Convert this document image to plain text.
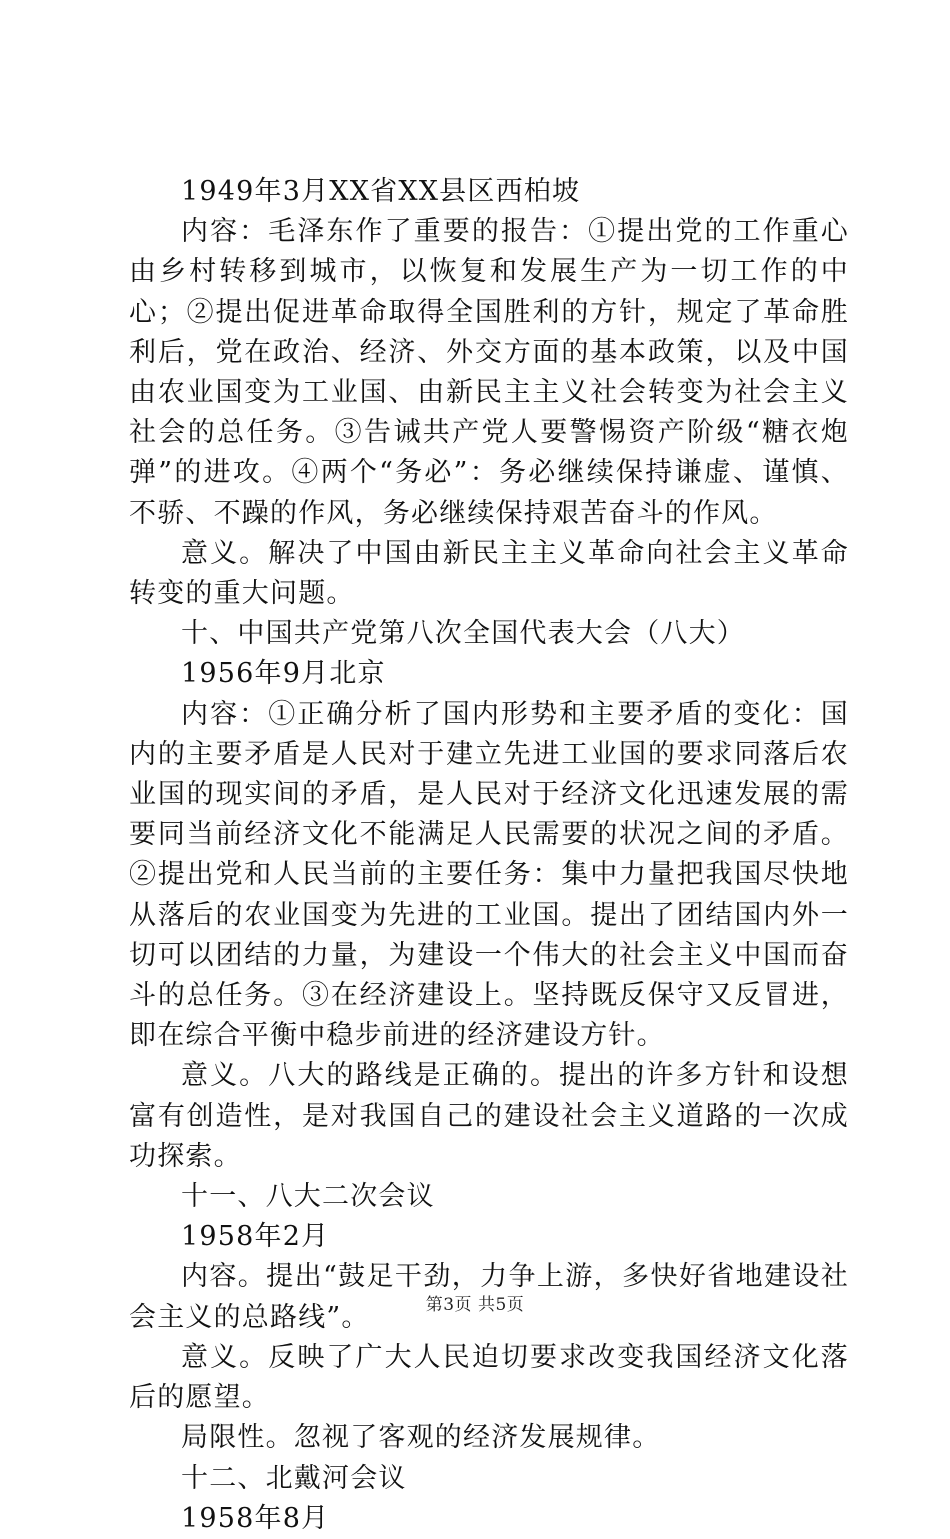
1949年3月XX省XX县区西柏坡

内容：毛泽东作了重要的报告：①提出党的工作重心由乡村转移到城市，以恢复和发展生产为一切工作的中心；②提出促进革命取得全国胜利的方针，规定了革命胜利后，党在政治、经济、外交方面的基本政策，以及中国由农业国变为工业国、由新民主主义社会转变为社会主义社会的总任务。③告诫共产党人要警惕资产阶级“糖衣炮弹”的进攻。④两个“务必”：务必继续保持谦虚、谨慎、不骄、不躁的作风，务必继续保持艰苦奋斗的作风。

意义。解决了中国由新民主主义革命向社会主义革命转变的重大问题。

十、中国共产党第八次全国代表大会（八大）

1956年9月北京

内容：①正确分析了国内形势和主要矛盾的变化：国内的主要矛盾是人民对于建立先进工业国的要求同落后农业国的现实间的矛盾，是人民对于经济文化迅速发展的需要同当前经济文化不能满足人民需要的状况之间的矛盾。②提出党和人民当前的主要任务：集中力量把我国尽快地从落后的农业国变为先进的工业国。提出了团结国内外一切可以团结的力量，为建设一个伟大的社会主义中国而奋斗的总任务。③在经济建设上。坚持既反保守又反冒进，即在综合平衡中稳步前进的经济建设方针。

意义。八大的路线是正确的。提出的许多方针和设想富有创造性，是对我国自己的建设社会主义道路的一次成功探索。

十一、八大二次会议

1958年2月

内容。提出“鼓足干劲，力争上游，多快好省地建设社会主义的总路线”。

意义。反映了广大人民迫切要求改变我国经济文化落后的愿望。

局限性。忽视了客观的经济发展规律。

十二、北戴河会议

1958年8月

第3页 共5页
